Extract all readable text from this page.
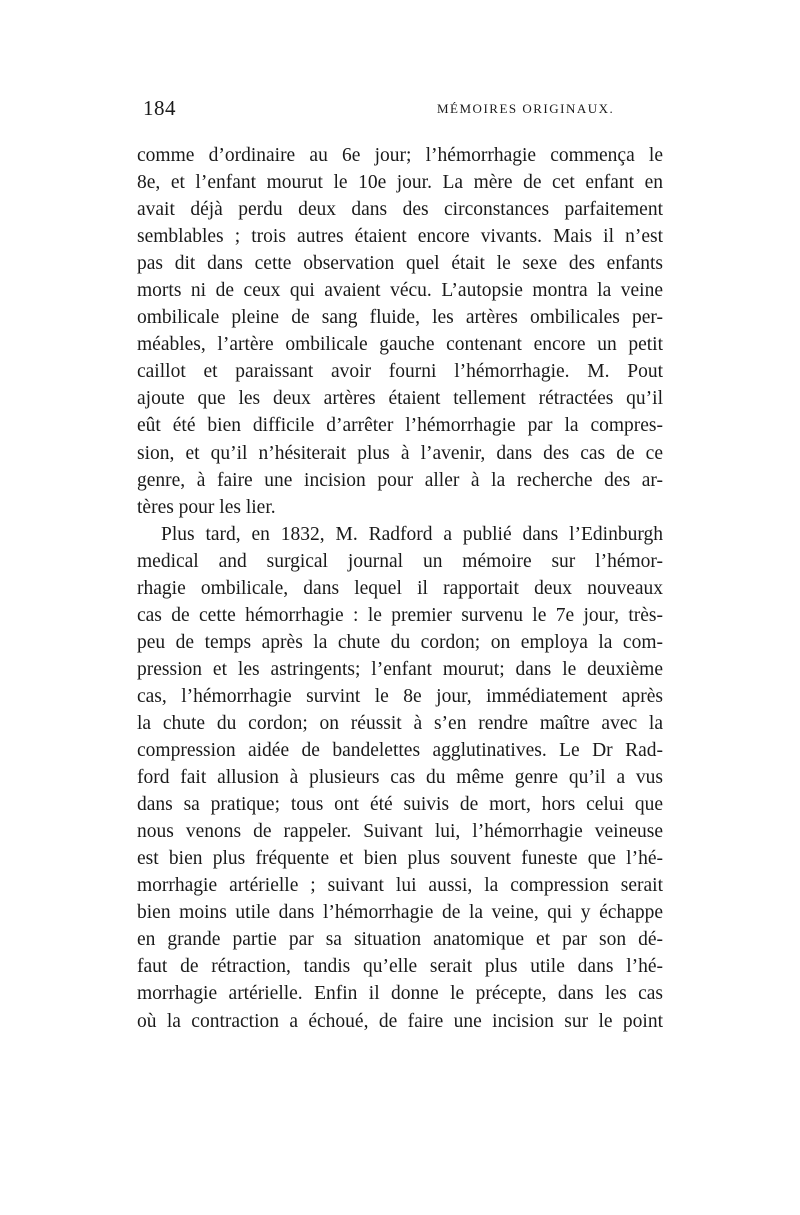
184	MÉMOIRES ORIGINAUX.
comme d’ordinaire au 6e jour; l’hémorrhagie commença le
8e, et l’enfant mourut le 10e jour. La mère de cet enfant en
avait déjà perdu deux dans des circonstances parfaitement
semblables ; trois autres étaient encore vivants. Mais il n’est
pas dit dans cette observation quel était le sexe des enfants
morts ni de ceux qui avaient vécu. L’autopsie montra la veine
ombilicale pleine de sang fluide, les artères ombilicales per-
méables, l’artère ombilicale gauche contenant encore un petit
caillot et paraissant avoir fourni l’hémorrhagie. M. Pout
ajoute que les deux artères étaient tellement rétractées qu’il
eût été bien difficile d’arrêter l’hémorrhagie par la compres-
sion, et qu’il n’hésiterait plus à l’avenir, dans des cas de ce
genre, à faire une incision pour aller à la recherche des ar-
tères pour les lier.
Plus tard, en 1832, M. Radford a publié dans l’Edinburgh
medical and surgical journal un mémoire sur l’hémor-
rhagie ombilicale, dans lequel il rapportait deux nouveaux
cas de cette hémorrhagie : le premier survenu le 7e jour, très-
peu de temps après la chute du cordon; on employa la com-
pression et les astringents; l’enfant mourut; dans le deuxième
cas, l’hémorrhagie survint le 8e jour, immédiatement après
la chute du cordon; on réussit à s’en rendre maître avec la
compression aidée de bandelettes agglutinatives. Le Dr Rad-
ford fait allusion à plusieurs cas du même genre qu’il a vus
dans sa pratique; tous ont été suivis de mort, hors celui que
nous venons de rappeler. Suivant lui, l’hémorrhagie veineuse
est bien plus fréquente et bien plus souvent funeste que l’hé-
morrhagie artérielle ; suivant lui aussi, la compression serait
bien moins utile dans l’hémorrhagie de la veine, qui y échappe
en grande partie par sa situation anatomique et par son dé-
faut de rétraction, tandis qu’elle serait plus utile dans l’hé-
morrhagie artérielle. Enfin il donne le précepte, dans les cas
où la contraction a échoué, de faire une incision sur le point
